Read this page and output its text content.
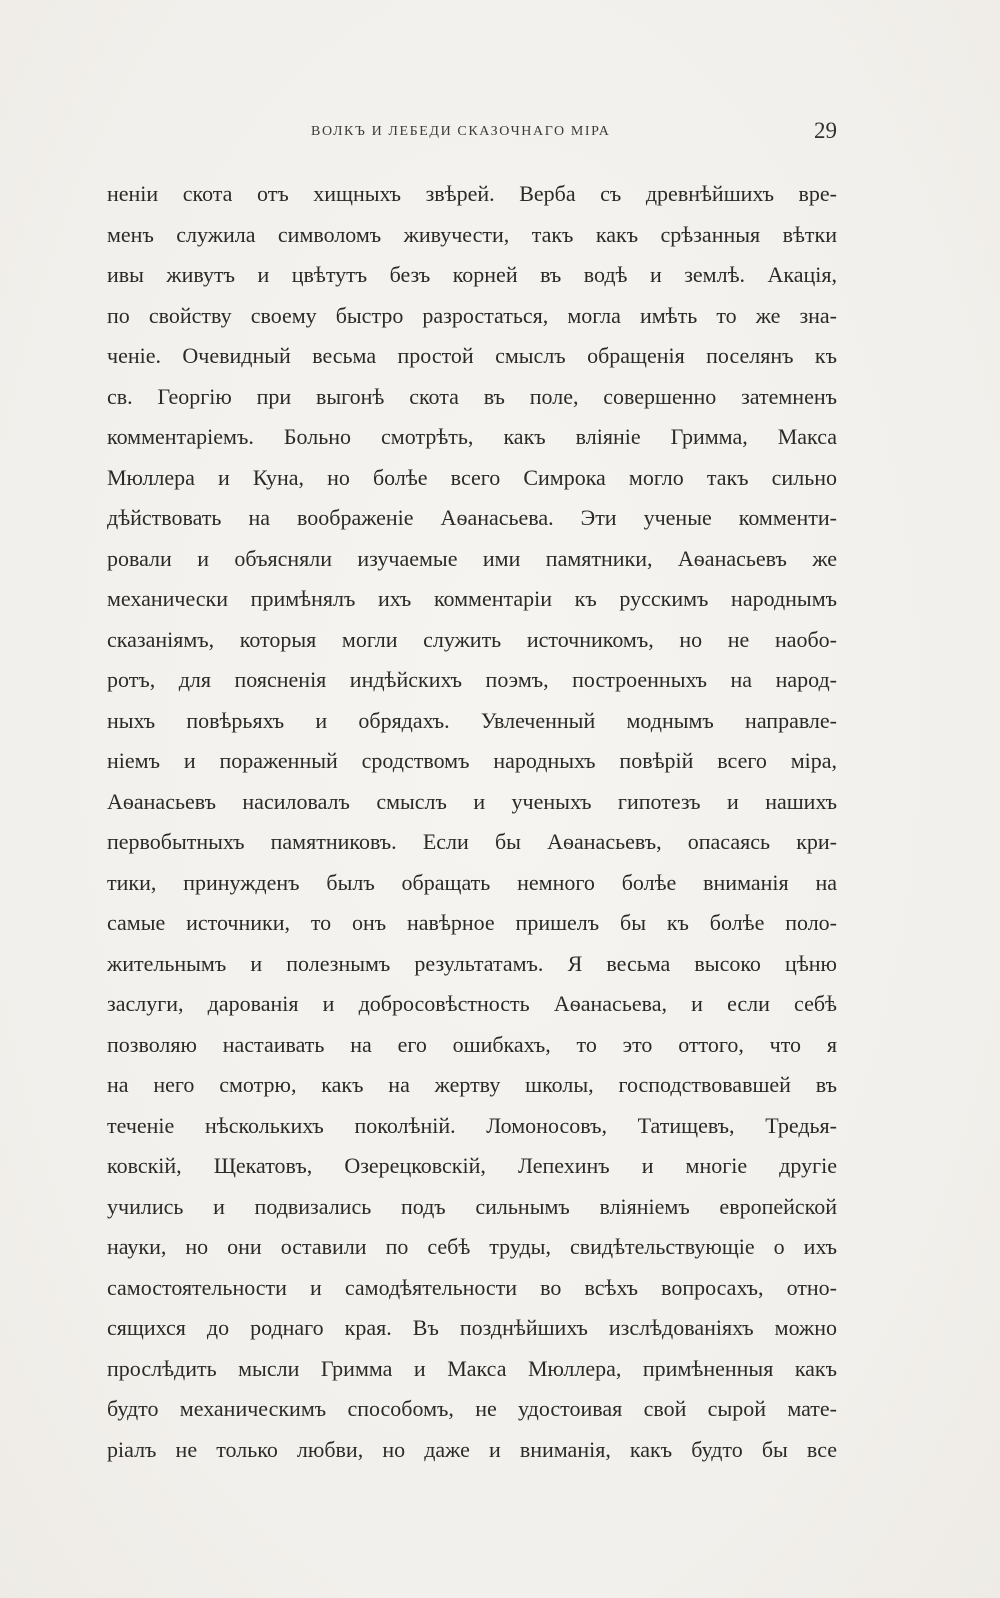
ВОЛКЪ И ЛЕБЕДИ СКАЗОЧНАГО МІРА	29
неніи скота отъ хищныхъ звѣрей. Верба съ древнѣйшихъ вре-
менъ служила символомъ живучести, такъ какъ срѣзанныя вѣтки
ивы живутъ и цвѣтутъ безъ корней въ водѣ и землѣ. Акація,
по свойству своему быстро разростаться, могла имѣть то же зна-
ченіе. Очевидный весьма простой смыслъ обращенія поселянъ къ
св. Георгію при выгонѣ скота въ поле, совершенно затемненъ
комментаріемъ. Больно смотрѣть, какъ вліяніе Гримма, Макса
Мюллера и Куна, но болѣе всего Симрока могло такъ сильно
дѣйствовать на воображеніе Аѳанасьева. Эти ученые комменти-
ровали и объясняли изучаемые ими памятники, Аѳанасьевъ же
механически примѣнялъ ихъ комментаріи къ русскимъ народнымъ
сказаніямъ, которыя могли служить источникомъ, но не наобо-
ротъ, для поясненія индѣйскихъ поэмъ, построенныхъ на народ-
ныхъ повѣрьяхъ и обрядахъ. Увлеченный моднымъ направле-
ніемъ и пораженный сродствомъ народныхъ повѣрій всего міра,
Аѳанасьевъ насиловалъ смыслъ и ученыхъ гипотезъ и нашихъ
первобытныхъ памятниковъ. Если бы Аѳанасьевъ, опасаясь кри-
тики, принужденъ былъ обращать немного болѣе вниманія на
самые источники, то онъ навѣрное пришелъ бы къ болѣе поло-
жительнымъ и полезнымъ результатамъ. Я весьма высоко цѣню
заслуги, дарованія и добросовѣстность Аѳанасьева, и если себѣ
позволяю настаивать на его ошибкахъ, то это оттого, что я
на него смотрю, какъ на жертву школы, господствовавшей въ
теченіе нѣсколькихъ поколѣній. Ломоносовъ, Татищевъ, Тредья-
ковскій, Щекатовъ, Озерецковскій, Лепехинъ и многіе другіе
учились и подвизались подъ сильнымъ вліяніемъ европейской
науки, но они оставили по себѣ труды, свидѣтельствующіе о ихъ
самостоятельности и самодѣятельности во всѣхъ вопросахъ, отно-
сящихся до роднаго края. Въ позднѣйшихъ изслѣдованіяхъ можно
прослѣдить мысли Гримма и Макса Мюллера, примѣненныя какъ
будто механическимъ способомъ, не удостоивая свой сырой мате-
ріалъ не только любви, но даже и вниманія, какъ будто бы все
